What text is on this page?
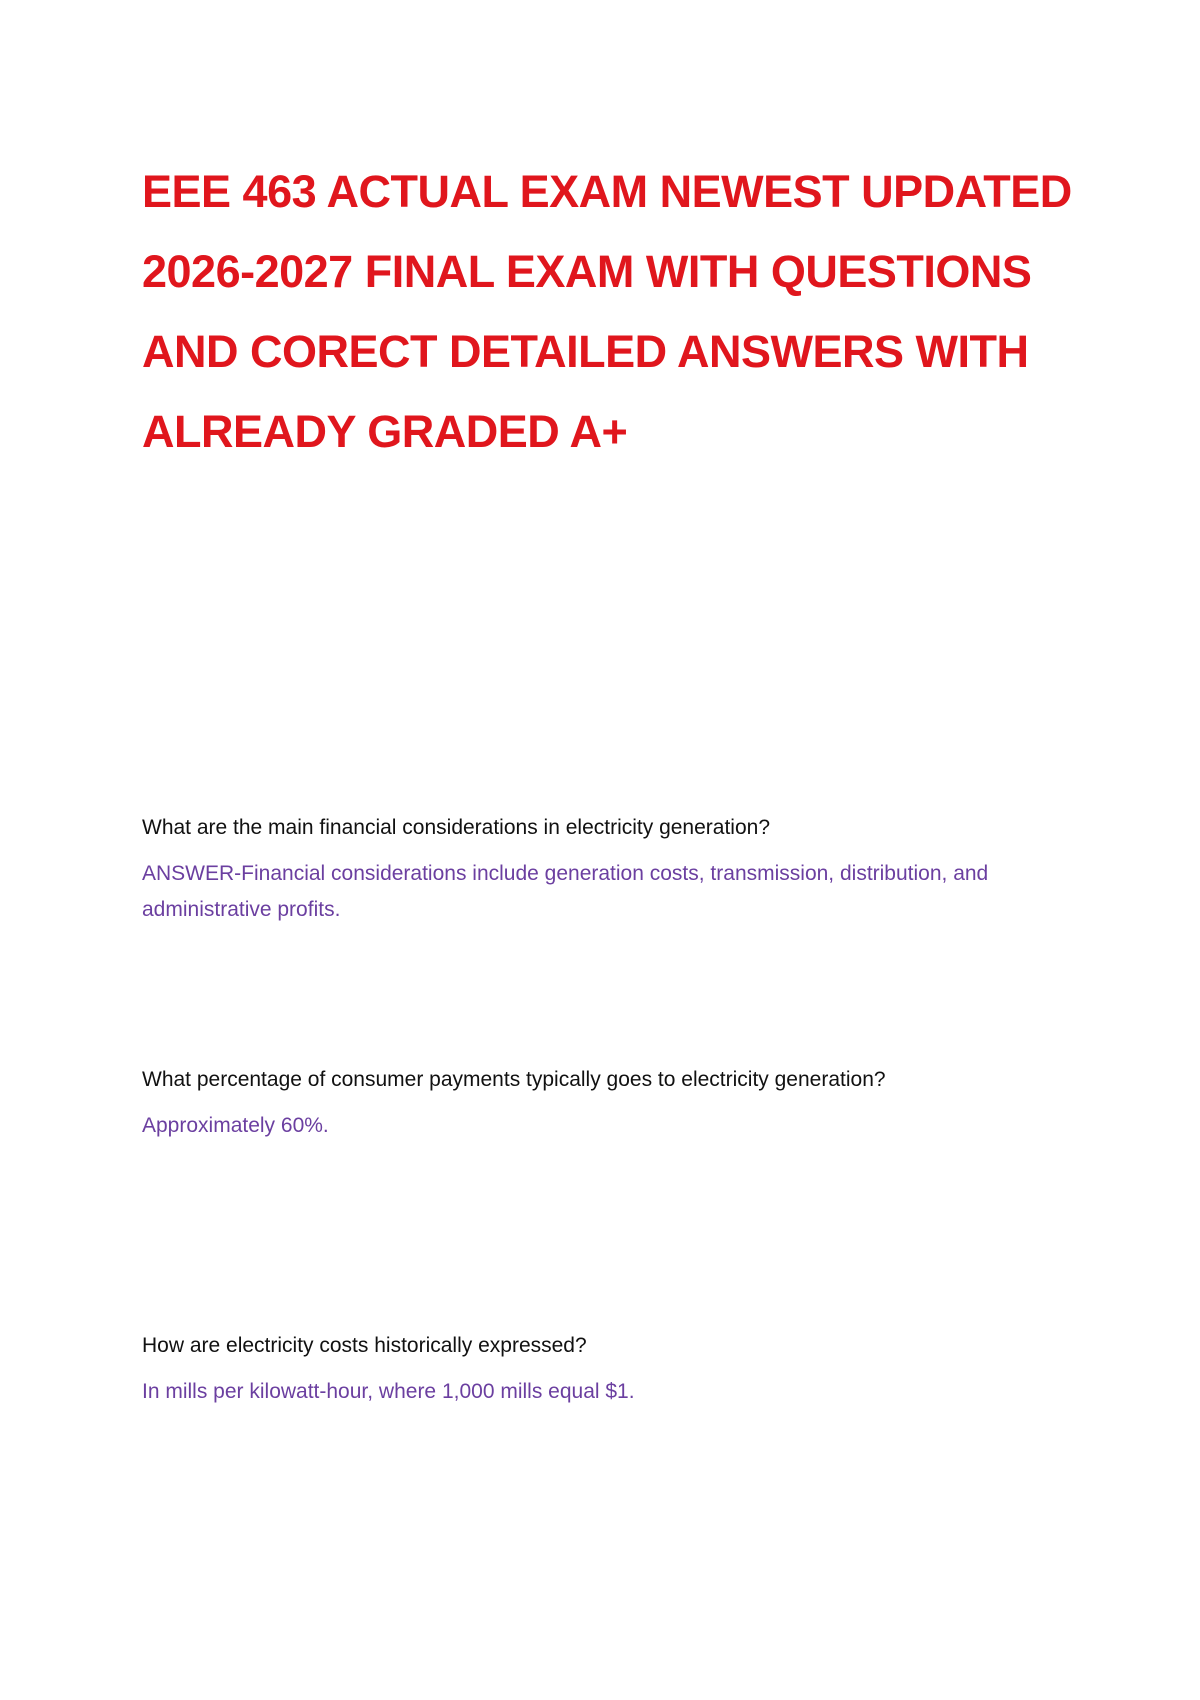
EEE 463 ACTUAL EXAM NEWEST UPDATED 2026-2027 FINAL EXAM WITH QUESTIONS AND CORECT DETAILED ANSWERS WITH ALREADY GRADED A+

What are the main financial considerations in electricity generation?

ANSWER-Financial considerations include generation costs, transmission, distribution, and administrative profits.

What percentage of consumer payments typically goes to electricity generation?

Approximately 60%.

How are electricity costs historically expressed?

In mills per kilowatt-hour, where 1,000 mills equal $1.
